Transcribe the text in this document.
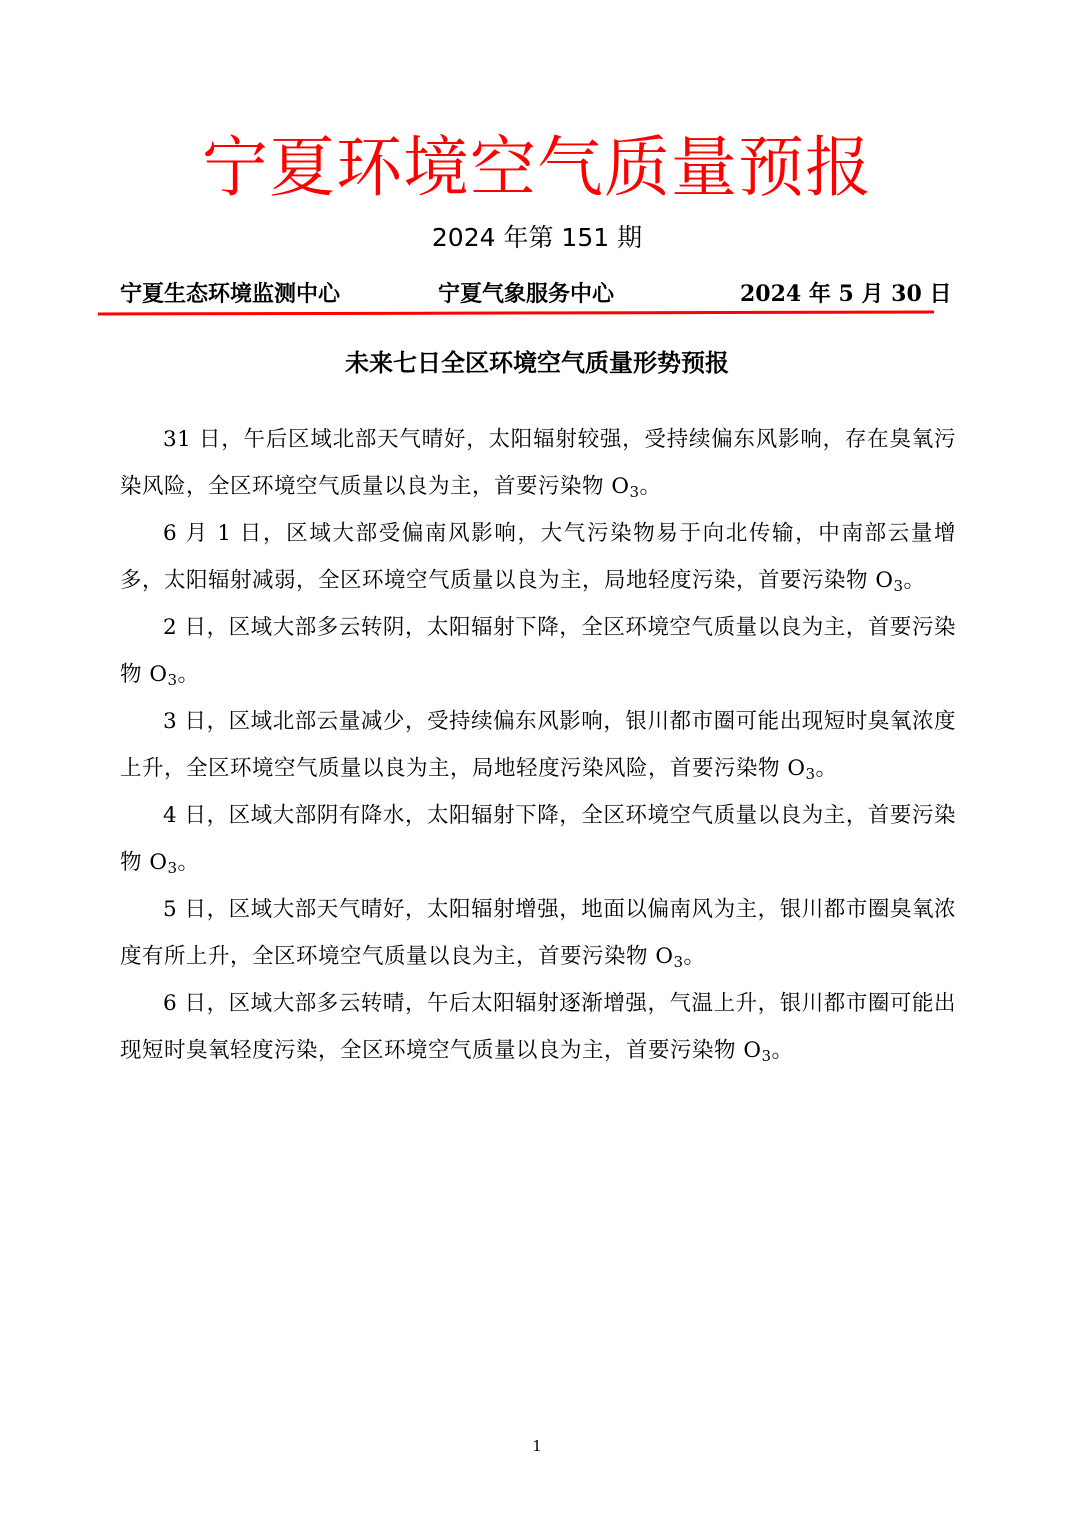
宁夏环境空气质量预报
2024 年第 151 期
宁夏生态环境监测中心	宁夏气象服务中心	2024 年 5 月 30 日
未来七日全区环境空气质量形势预报

31 日，午后区域北部天气晴好，太阳辐射较强，受持续偏东风影响，存在臭氧污染风险，全区环境空气质量以良为主，首要污染物 $O_3$。

6 月 1 日，区域大部受偏南风影响，大气污染物易于向北传输，中南部云量增多，太阳辐射减弱，全区环境空气质量以良为主，局地轻度污染，首要污染物 $O_3$。

2 日，区域大部多云转阴，太阳辐射下降，全区环境空气质量以良为主，首要污染物 $O_3$。

3 日，区域北部云量减少，受持续偏东风影响，银川都市圈可能出现短时臭氧浓度上升，全区环境空气质量以良为主，局地轻度污染风险，首要污染物 $O_3$。

4 日，区域大部阴有降水，太阳辐射下降，全区环境空气质量以良为主，首要污染物 $O_3$。

5 日，区域大部天气晴好，太阳辐射增强，地面以偏南风为主，银川都市圈臭氧浓度有所上升，全区环境空气质量以良为主，首要污染物 $O_3$。

6 日，区域大部多云转晴，午后太阳辐射逐渐增强，气温上升，银川都市圈可能出现短时臭氧轻度污染，全区环境空气质量以良为主，首要污染物 $O_3$。

1
